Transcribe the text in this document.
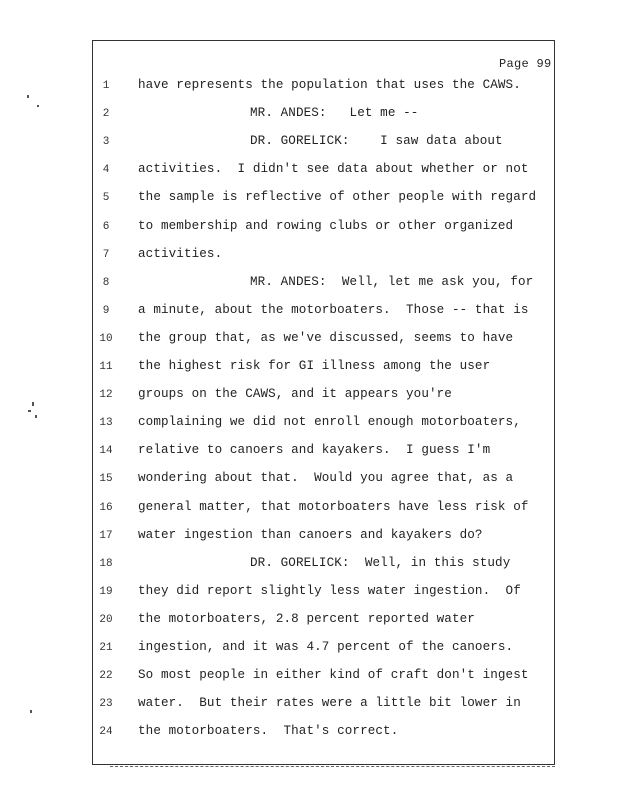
Page 99
1	have represents the population that uses the CAWS.
2	MR. ANDES:   Let me --
3	DR. GORELICK:    I saw data about
4	activities.  I didn't see data about whether or not
5	the sample is reflective of other people with regard
6	to membership and rowing clubs or other organized
7	activities.
8	MR. ANDES:  Well, let me ask you, for
9	a minute, about the motorboaters.  Those -- that is
10 the group that, as we've discussed, seems to have
11 the highest risk for GI illness among the user
12 groups on the CAWS, and it appears you're
13 complaining we did not enroll enough motorboaters,
14 relative to canoers and kayakers.  I guess I'm
15 wondering about that.  Would you agree that, as a
16 general matter, that motorboaters have less risk of
17 water ingestion than canoers and kayakers do?
18	DR. GORELICK:  Well, in this study
19 they did report slightly less water ingestion.  Of
20 the motorboaters, 2.8 percent reported water
21 ingestion, and it was 4.7 percent of the canoers.
22 So most people in either kind of craft don't ingest
23 water.  But their rates were a little bit lower in
24 the motorboaters.  That's correct.
